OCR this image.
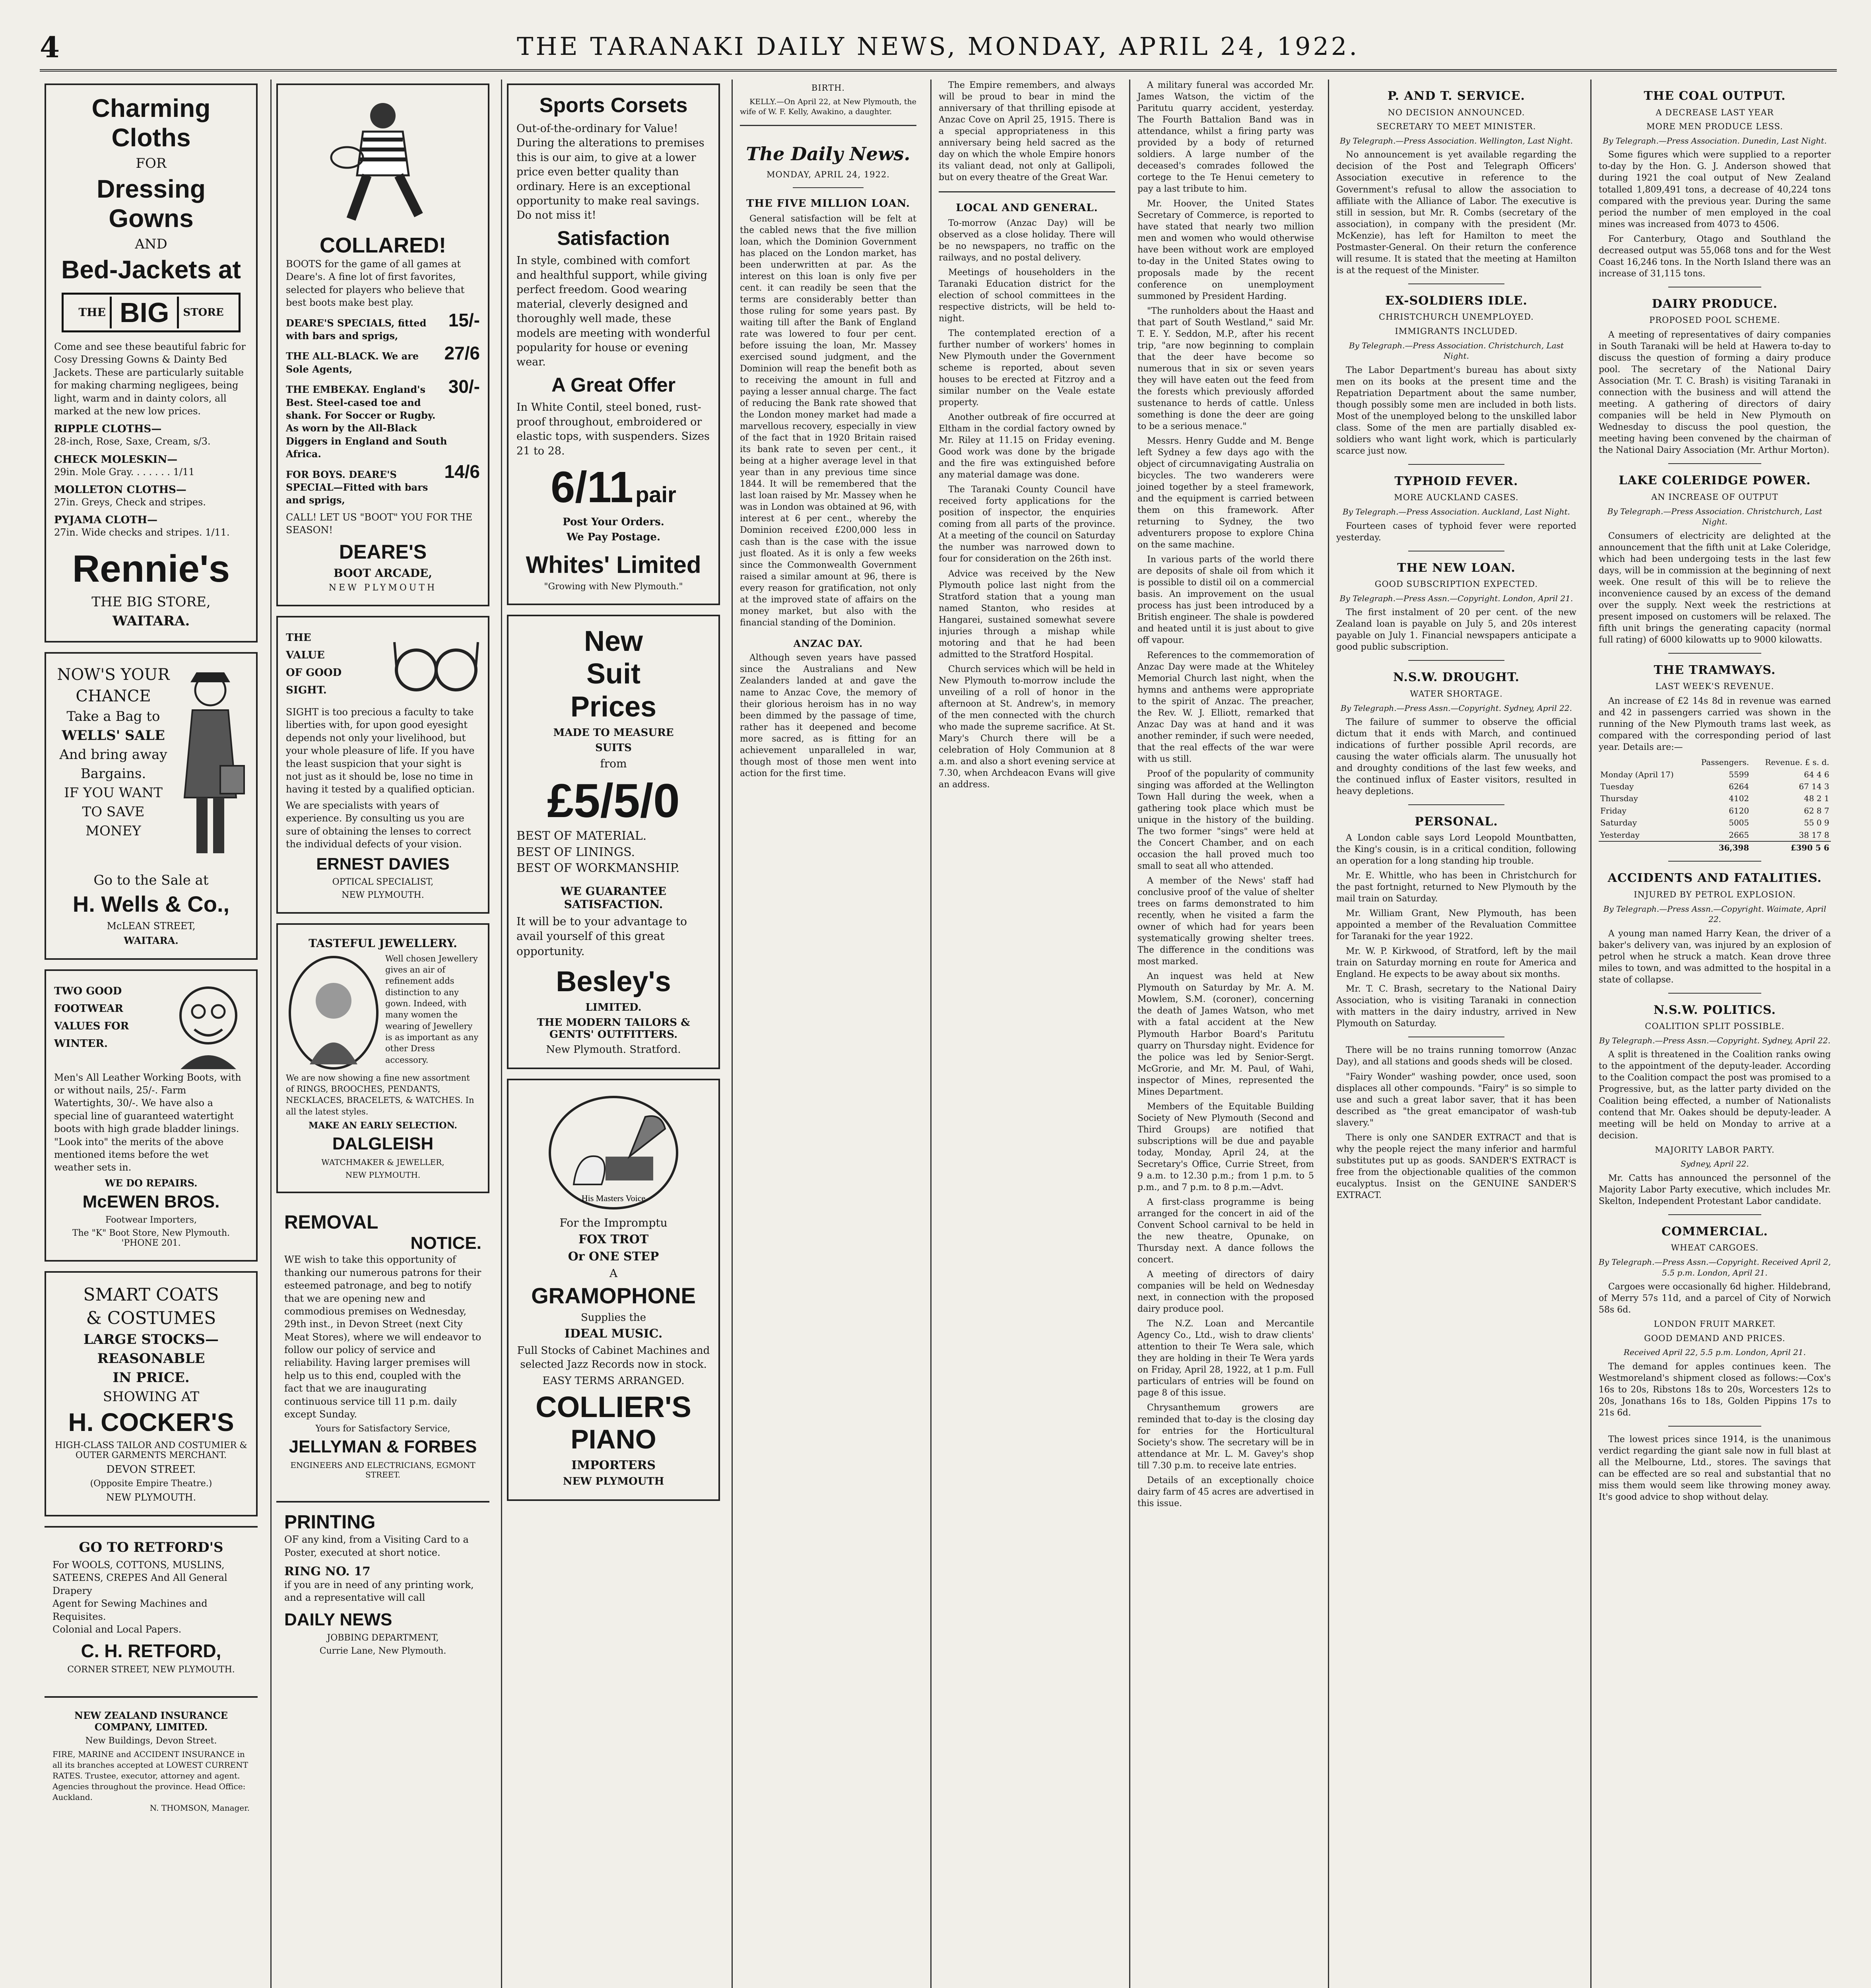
4	THE TARANAKI DAILY NEWS, MONDAY, APRIL 24, 1922.
Charming Cloths
FOR
Dressing Gowns
AND
Bed-Jackets at
THE BIG	STORE
Come and see these beautiful fabric for Cosy Dressing Gowns & Dainty Bed Jackets. These are particularly suitable for making charming negligees, being light, warm and in dainty colors, all marked at the new low prices.
RIPPLE CLOTHS—
28-inch, Rose, Saxe, Cream, s/3.
CHECK MOLESKIN—
29in. Mole Gray. . . . . . . 1/11
MOLLETON CLOTHS—
27in. Greys, Check and stripes.
PYJAMA CLOTH—
27in. Wide checks and stripes. 1/11.
Rennie's
THE BIG STORE,
WAITARA.
NOW'S YOUR
CHANCE
Take a Bag to
WELLS' SALE
And bring away
Bargains.
IF YOU WANT
TO SAVE
MONEY
Go to the Sale at
H. Wells & Co.,
McLEAN STREET,
WAITARA.
TWO GOOD
FOOTWEAR
VALUES FOR
WINTER.
Men's All Leather Working Boots, with or without nails, 25/-. Farm Watertights, 30/-. We have also a special line of guaranteed watertight boots with high grade bladder linings. "Look into" the merits of the above mentioned items before the wet weather sets in.
WE DO REPAIRS.
McEWEN BROS.
Footwear Importers,
The "K" Boot Store, New Plymouth. 'PHONE 201.
SMART COATS
& COSTUMES
LARGE STOCKS—
REASONABLE
IN PRICE.
SHOWING AT
H. COCKER'S
HIGH-CLASS TAILOR AND COSTUMIER & OUTER GARMENTS MERCHANT.
DEVON STREET.
(Opposite Empire Theatre.)
NEW PLYMOUTH.
GO TO RETFORD'S
For WOOLS, COTTONS, MUSLINS, SATEENS, CREPES And All General Drapery
Agent for Sewing Machines and Requisites.
Colonial and Local Papers.
C. H. RETFORD,
CORNER STREET, NEW PLYMOUTH.
NEW ZEALAND INSURANCE COMPANY, LIMITED.
New Buildings, Devon Street.
FIRE, MARINE and ACCIDENT INSURANCE in all its branches accepted at LOWEST CURRENT RATES. Trustee, executor, attorney and agent. Agencies throughout the province. Head Office: Auckland.
N. THOMSON, Manager.
COLLARED!
BOOTS for the game of all games at Deare's. A fine lot of first favorites, selected for players who believe that best boots make best play.
DEARE'S SPECIALS, fitted with bars and sprigs,
15/-
THE ALL-BLACK. We are Sole Agents,
27/6
THE EMBEKAY. England's Best. Steel-cased toe and shank. For Soccer or Rugby. As worn by the All-Black Diggers in England and South Africa.
30/-
FOR BOYS. DEARE'S SPECIAL—Fitted with bars and sprigs,
14/6
CALL! LET US "BOOT" YOU FOR THE SEASON!
DEARE'S
BOOT ARCADE,
NEW PLYMOUTH
THE
VALUE
OF GOOD
SIGHT.
SIGHT is too precious a faculty to take liberties with, for upon good eyesight depends not only your livelihood, but your whole pleasure of life. If you have the least suspicion that your sight is not just as it should be, lose no time in having it tested by a qualified optician.
We are specialists with years of experience. By consulting us you are sure of obtaining the lenses to correct the individual defects of your vision.
ERNEST DAVIES
OPTICAL SPECIALIST,
NEW PLYMOUTH.
TASTEFUL JEWELLERY.
Well chosen Jewellery gives an air of refinement adds distinction to any gown. Indeed, with many women the wearing of Jewellery is as important as any other Dress accessory.
We are now showing a fine new assortment of RINGS, BROOCHES, PENDANTS, NECKLACES, BRACELETS, & WATCHES. In all the latest styles.
MAKE AN EARLY SELECTION.
DALGLEISH
WATCHMAKER & JEWELLER,
NEW PLYMOUTH.
REMOVAL
NOTICE.
WE wish to take this opportunity of thanking our numerous patrons for their esteemed patronage, and beg to notify that we are opening new and commodious premises on Wednesday, 29th inst., in Devon Street (next City Meat Stores), where we will endeavor to follow our policy of service and reliability. Having larger premises will help us to this end, coupled with the fact that we are inaugurating continuous service till 11 p.m. daily except Sunday.
Yours for Satisfactory Service,
JELLYMAN & FORBES
ENGINEERS AND ELECTRICIANS, EGMONT STREET.
PRINTING
OF any kind, from a Visiting Card to a Poster, executed at short notice.
RING NO. 17
if you are in need of any printing work, and a representative will call
DAILY NEWS
JOBBING DEPARTMENT,
Currie Lane, New Plymouth.
Sports Corsets
Out-of-the-ordinary for Value! During the alterations to premises this is our aim, to give at a lower price even better quality than ordinary. Here is an exceptional opportunity to make real savings. Do not miss it!
Satisfaction
In style, combined with comfort and healthful support, while giving perfect freedom. Good wearing material, cleverly designed and thoroughly well made, these models are meeting with wonderful popularity for house or evening wear.
A Great Offer
In White Contil, steel boned, rust-proof throughout, embroidered or elastic tops, with suspenders. Sizes 21 to 28.
6/11 pair
Post Your Orders.
We Pay Postage.
Whites' Limited
"Growing with New Plymouth."
New
Suit
Prices
MADE TO MEASURE
SUITS
from
£5/5/0
BEST OF MATERIAL.
BEST OF LININGS.
BEST OF WORKMANSHIP.
WE GUARANTEE SATISFACTION.
It will be to your advantage to avail yourself of this great opportunity.
Besley's
LIMITED.
THE MODERN TAILORS & GENTS' OUTFITTERS.
New Plymouth. Stratford.
His Masters Voice
For the Impromptu
FOX TROT
Or ONE STEP
A
GRAMOPHONE
Supplies the
IDEAL MUSIC.
Full Stocks of Cabinet Machines and selected Jazz Records now in stock.
EASY TERMS ARRANGED.
COLLIER'S
PIANO
IMPORTERS
NEW PLYMOUTH
BIRTH.

KELLY.—On April 22, at New Plymouth, the wife of W. F. Kelly, Awakino, a daughter.

The Daily News.
MONDAY, APRIL 24, 1922.
THE FIVE MILLION LOAN.

General satisfaction will be felt at the cabled news that the five million loan, which the Dominion Government has placed on the London market, has been underwritten at par. As the interest on this loan is only five per cent. it can readily be seen that the terms are considerably better than those ruling for some years past. By waiting till after the Bank of England rate was lowered to four per cent. before issuing the loan, Mr. Massey exercised sound judgment, and the Dominion will reap the benefit both as to receiving the amount in full and paying a lesser annual charge. The fact of reducing the Bank rate showed that the London money market had made a marvellous recovery, especially in view of the fact that in 1920 Britain raised its bank rate to seven per cent., it being at a higher average level in that year than in any previous time since 1844. It will be remembered that the last loan raised by Mr. Massey when he was in London was obtained at 96, with interest at 6 per cent., whereby the Dominion received £200,000 less in cash than is the case with the issue just floated. As it is only a few weeks since the Commonwealth Government raised a similar amount at 96, there is every reason for gratification, not only at the improved state of affairs on the money market, but also with the financial standing of the Dominion.

ANZAC DAY.

Although seven years have passed since the Australians and New Zealanders landed at and gave the name to Anzac Cove, the memory of their glorious heroism has in no way been dimmed by the passage of time, rather has it deepened and become more sacred, as is fitting for an achievement unparalleled in war, though most of those men went into action for the first time.

The Empire remembers, and always will be proud to bear in mind the anniversary of that thrilling episode at Anzac Cove on April 25, 1915. There is a special appropriateness in this anniversary being held sacred as the day on which the whole Empire honors its valiant dead, not only at Gallipoli, but on every theatre of the Great War.

LOCAL AND GENERAL.

To-morrow (Anzac Day) will be observed as a close holiday. There will be no newspapers, no traffic on the railways, and no postal delivery.

Meetings of householders in the Taranaki Education district for the election of school committees in the respective districts, will be held to-night.

The contemplated erection of a further number of workers' homes in New Plymouth under the Government scheme is reported, about seven houses to be erected at Fitzroy and a similar number on the Veale estate property.

Another outbreak of fire occurred at Eltham in the cordial factory owned by Mr. Riley at 11.15 on Friday evening. Good work was done by the brigade and the fire was extinguished before any material damage was done.

The Taranaki County Council have received forty applications for the position of inspector, the enquiries coming from all parts of the province. At a meeting of the council on Saturday the number was narrowed down to four for consideration on the 26th inst.

Advice was received by the New Plymouth police last night from the Stratford station that a young man named Stanton, who resides at Hangarei, sustained somewhat severe injuries through a mishap while motoring and that he had been admitted to the Stratford Hospital.

Church services which will be held in New Plymouth to-morrow include the unveiling of a roll of honor in the afternoon at St. Andrew's, in memory of the men connected with the church who made the supreme sacrifice. At St. Mary's Church there will be a celebration of Holy Communion at 8 a.m. and also a short evening service at 7.30, when Archdeacon Evans will give an address.

A military funeral was accorded Mr. James Watson, the victim of the Paritutu quarry accident, yesterday. The Fourth Battalion Band was in attendance, whilst a firing party was provided by a body of returned soldiers. A large number of the deceased's comrades followed the cortege to the Te Henui cemetery to pay a last tribute to him.

Mr. Hoover, the United States Secretary of Commerce, is reported to have stated that nearly two million men and women who would otherwise have been without work are employed to-day in the United States owing to proposals made by the recent conference on unemployment summoned by President Harding.

"The runholders about the Haast and that part of South Westland," said Mr. T. E. Y. Seddon, M.P., after his recent trip, "are now beginning to complain that the deer have become so numerous that in six or seven years they will have eaten out the feed from the forests which previously afforded sustenance to herds of cattle. Unless something is done the deer are going to be a serious menace."

Messrs. Henry Gudde and M. Benge left Sydney a few days ago with the object of circumnavigating Australia on bicycles. The two wanderers were joined together by a steel framework, and the equipment is carried between them on this framework. After returning to Sydney, the two adventurers propose to explore China on the same machine.

In various parts of the world there are deposits of shale oil from which it is possible to distil oil on a commercial basis. An improvement on the usual process has just been introduced by a British engineer. The shale is powdered and heated until it is just about to give off vapour.

References to the commemoration of Anzac Day were made at the Whiteley Memorial Church last night, when the hymns and anthems were appropriate to the spirit of Anzac. The preacher, the Rev. W. J. Elliott, remarked that Anzac Day was at hand and it was another reminder, if such were needed, that the real effects of the war were with us still.

Proof of the popularity of community singing was afforded at the Wellington Town Hall during the week, when a gathering took place which must be unique in the history of the building. The two former "sings" were held at the Concert Chamber, and on each occasion the hall proved much too small to seat all who attended.

A member of the News' staff had conclusive proof of the value of shelter trees on farms demonstrated to him recently, when he visited a farm the owner of which had for years been systematically growing shelter trees. The difference in the conditions was most marked.

An inquest was held at New Plymouth on Saturday by Mr. A. M. Mowlem, S.M. (coroner), concerning the death of James Watson, who met with a fatal accident at the New Plymouth Harbor Board's Paritutu quarry on Thursday night. Evidence for the police was led by Senior-Sergt. McGrorie, and Mr. M. Paul, of Wahi, inspector of Mines, represented the Mines Department.

Members of the Equitable Building Society of New Plymouth (Second and Third Groups) are notified that subscriptions will be due and payable today, Monday, April 24, at the Secretary's Office, Currie Street, from 9 a.m. to 12.30 p.m.; from 1 p.m. to 5 p.m., and 7 p.m. to 8 p.m.—Advt.

A first-class programme is being arranged for the concert in aid of the Convent School carnival to be held in the new theatre, Opunake, on Thursday next. A dance follows the concert.

A meeting of directors of dairy companies will be held on Wednesday next, in connection with the proposed dairy produce pool.

The N.Z. Loan and Mercantile Agency Co., Ltd., wish to draw clients' attention to their Te Wera sale, which they are holding in their Te Wera yards on Friday, April 28, 1922, at 1 p.m. Full particulars of entries will be found on page 8 of this issue.

Chrysanthemum growers are reminded that to-day is the closing day for entries for the Horticultural Society's show. The secretary will be in attendance at Mr. L. M. Gavey's shop till 7.30 p.m. to receive late entries.

Details of an exceptionally choice dairy farm of 45 acres are advertised in this issue.

P. AND T. SERVICE.
NO DECISION ANNOUNCED.
SECRETARY TO MEET MINISTER.
By Telegraph.—Press Association. Wellington, Last Night.

No announcement is yet available regarding the decision of the Post and Telegraph Officers' Association executive in reference to the Government's refusal to allow the association to affiliate with the Alliance of Labor. The executive is still in session, but Mr. R. Combs (secretary of the association), in company with the president (Mr. McKenzie), has left for Hamilton to meet the Postmaster-General. On their return the conference will resume. It is stated that the meeting at Hamilton is at the request of the Minister.

EX-SOLDIERS IDLE.
CHRISTCHURCH UNEMPLOYED.
IMMIGRANTS INCLUDED.
By Telegraph.—Press Association. Christchurch, Last Night.

The Labor Department's bureau has about sixty men on its books at the present time and the Repatriation Department about the same number, though possibly some men are included in both lists. Most of the unemployed belong to the unskilled labor class. Some of the men are partially disabled ex-soldiers who want light work, which is particularly scarce just now.

TYPHOID FEVER.
MORE AUCKLAND CASES.
By Telegraph.—Press Association. Auckland, Last Night.

Fourteen cases of typhoid fever were reported yesterday.

THE NEW LOAN.
GOOD SUBSCRIPTION EXPECTED.
By Telegraph.—Press Assn.—Copyright. London, April 21.

The first instalment of 20 per cent. of the new Zealand loan is payable on July 5, and 20s interest payable on July 1. Financial newspapers anticipate a good public subscription.

N.S.W. DROUGHT.
WATER SHORTAGE.
By Telegraph.—Press Assn.—Copyright. Sydney, April 22.

The failure of summer to observe the official dictum that it ends with March, and continued indications of further possible April records, are causing the water officials alarm. The unusually hot and droughty conditions of the last few weeks, and the continued influx of Easter visitors, resulted in heavy depletions.

PERSONAL.

A London cable says Lord Leopold Mountbatten, the King's cousin, is in a critical condition, following an operation for a long standing hip trouble.

Mr. E. Whittle, who has been in Christchurch for the past fortnight, returned to New Plymouth by the mail train on Saturday.

Mr. William Grant, New Plymouth, has been appointed a member of the Revaluation Committee for Taranaki for the year 1922.

Mr. W. P. Kirkwood, of Stratford, left by the mail train on Saturday morning en route for America and England. He expects to be away about six months.

Mr. T. C. Brash, secretary to the National Dairy Association, who is visiting Taranaki in connection with matters in the dairy industry, arrived in New Plymouth on Saturday.

There will be no trains running tomorrow (Anzac Day), and all stations and goods sheds will be closed.

"Fairy Wonder" washing powder, once used, soon displaces all other compounds. "Fairy" is so simple to use and such a great labor saver, that it has been described as "the great emancipator of wash-tub slavery."

There is only one SANDER EXTRACT and that is why the people reject the many inferior and harmful substitutes put up as goods. SANDER'S EXTRACT is free from the objectionable qualities of the common eucalyptus. Insist on the GENUINE SANDER'S EXTRACT.

THE COAL OUTPUT.
A DECREASE LAST YEAR
MORE MEN PRODUCE LESS.
By Telegraph.—Press Association. Dunedin, Last Night.

Some figures which were supplied to a reporter to-day by the Hon. G. J. Anderson showed that during 1921 the coal output of New Zealand totalled 1,809,491 tons, a decrease of 40,224 tons compared with the previous year. During the same period the number of men employed in the coal mines was increased from 4073 to 4506.

For Canterbury, Otago and Southland the decreased output was 55,068 tons and for the West Coast 16,246 tons. In the North Island there was an increase of 31,115 tons.

DAIRY PRODUCE.
PROPOSED POOL SCHEME.

A meeting of representatives of dairy companies in South Taranaki will be held at Hawera to-day to discuss the question of forming a dairy produce pool. The secretary of the National Dairy Association (Mr. T. C. Brash) is visiting Taranaki in connection with the business and will attend the meeting. A gathering of directors of dairy companies will be held in New Plymouth on Wednesday to discuss the pool question, the meeting having been convened by the chairman of the National Dairy Association (Mr. Arthur Morton).

LAKE COLERIDGE POWER.
AN INCREASE OF OUTPUT
By Telegraph.—Press Association. Christchurch, Last Night.

Consumers of electricity are delighted at the announcement that the fifth unit at Lake Coleridge, which had been undergoing tests in the last few days, will be in commission at the beginning of next week. One result of this will be to relieve the inconvenience caused by an excess of the demand over the supply. Next week the restrictions at present imposed on customers will be relaxed. The fifth unit brings the generating capacity (normal full rating) of 6000 kilowatts up to 9000 kilowatts.

THE TRAMWAYS.
LAST WEEK'S REVENUE.

An increase of £2 14s 8d in revenue was earned and 42 in passengers carried was shown in the running of the New Plymouth trams last week, as compared with the corresponding period of last year. Details are:—

	Passengers.	Revenue. £ s. d.
Monday (April 17)	5599	64 4 6
Tuesday	6264	67 14 3
Thursday	4102	48 2 1
Friday	6120	62 8 7
Saturday	5005	55 0 9
Yesterday	2665	38 17 8
	36,398	£390 5 6
ACCIDENTS AND FATALITIES.
INJURED BY PETROL EXPLOSION.
By Telegraph.—Press Assn.—Copyright. Waimate, April 22.

A young man named Harry Kean, the driver of a baker's delivery van, was injured by an explosion of petrol when he struck a match. Kean drove three miles to town, and was admitted to the hospital in a state of collapse.

N.S.W. POLITICS.
COALITION SPLIT POSSIBLE.
By Telegraph.—Press Assn.—Copyright. Sydney, April 22.

A split is threatened in the Coalition ranks owing to the appointment of the deputy-leader. According to the Coalition compact the post was promised to a Progressive, but, as the latter party divided on the Coalition being effected, a number of Nationalists contend that Mr. Oakes should be deputy-leader. A meeting will be held on Monday to arrive at a decision.

MAJORITY LABOR PARTY.
Sydney, April 22.

Mr. Catts has announced the personnel of the Majority Labor Party executive, which includes Mr. Skelton, Independent Protestant Labor candidate.

COMMERCIAL.
WHEAT CARGOES.
By Telegraph.—Press Assn.—Copyright. Received April 2, 5.5 p.m. London, April 21.

Cargoes were occasionally 6d higher. Hildebrand, of Merry 57s 11d, and a parcel of City of Norwich 58s 6d.

LONDON FRUIT MARKET.
GOOD DEMAND AND PRICES.
Received April 22, 5.5 p.m. London, April 21.

The demand for apples continues keen. The Westmoreland's shipment closed as follows:—Cox's 16s to 20s, Ribstons 18s to 20s, Worcesters 12s to 20s, Jonathans 16s to 18s, Golden Pippins 17s to 21s 6d.

The lowest prices since 1914, is the unanimous verdict regarding the giant sale now in full blast at all the Melbourne, Ltd., stores. The savings that can be effected are so real and substantial that no miss them would seem like throwing money away. It's good advice to shop without delay.
